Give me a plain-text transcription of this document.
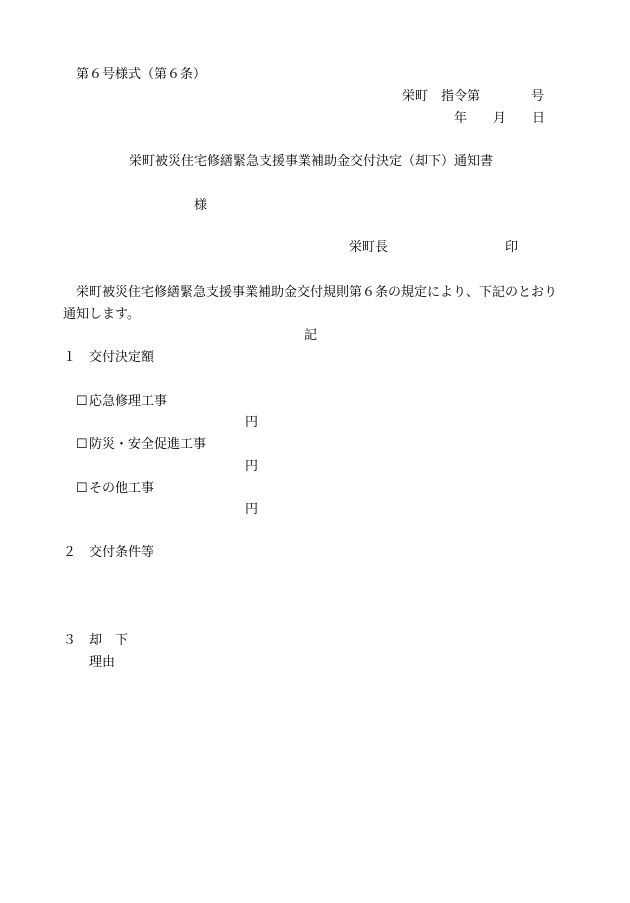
第６号様式（第６条）
栄町 指令第	号
年 月 日
栄町被災住宅修繕緊急支援事業補助金交付決定（却下）通知書
様
栄町長	印
栄町被災住宅修繕緊急支援事業補助金交付規則第６条の規定により、下記のとおり
通知します。
記
１ 交付決定額
☐ 応急修理工事
円
☐ 防災・安全促進工事
円
☐ その他工事
円
２ 交付条件等
３ 却　下
理由
